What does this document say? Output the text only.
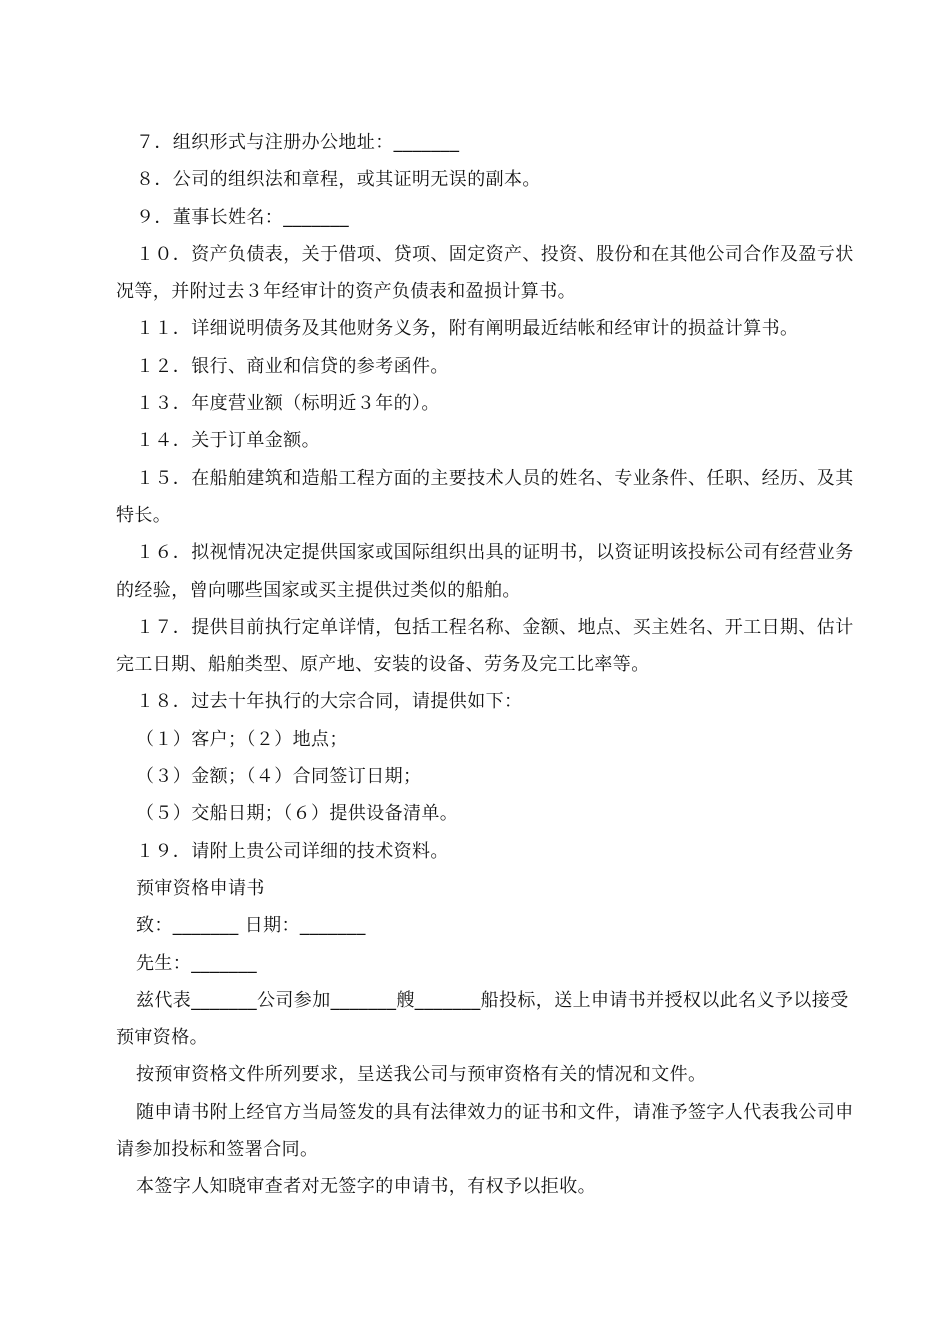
７．组织形式与注册办公地址：_______

８．公司的组织法和章程，或其证明无误的副本。

９．董事长姓名：_______

１０．资产负债表，关于借项、贷项、固定资产、投资、股份和在其他公司合作及盈亏状况等，并附过去３年经审计的资产负债表和盈损计算书。

１１．详细说明债务及其他财务义务，附有阐明最近结帐和经审计的损益计算书。

１２．银行、商业和信贷的参考函件。

１３．年度营业额（标明近３年的）。

１４．关于订单金额。

１５．在船舶建筑和造船工程方面的主要技术人员的姓名、专业条件、任职、经历、及其特长。

１６．拟视情况决定提供国家或国际组织出具的证明书，以资证明该投标公司有经营业务的经验，曾向哪些国家或买主提供过类似的船舶。

１７．提供目前执行定单详情，包括工程名称、金额、地点、买主姓名、开工日期、估计完工日期、船舶类型、原产地、安装的设备、劳务及完工比率等。

１８．过去十年执行的大宗合同，请提供如下：

（１）客户；（２）地点；

（３）金额；（４）合同签订日期；

（５）交船日期；（６）提供设备清单。

１９．请附上贵公司详细的技术资料。

预审资格申请书

致：_______ 日期：_______

先生：_______

兹代表_______公司参加_______艘_______船投标，送上申请书并授权以此名义予以接受预审资格。

按预审资格文件所列要求，呈送我公司与预审资格有关的情况和文件。

随申请书附上经官方当局签发的具有法律效力的证书和文件，请准予签字人代表我公司申请参加投标和签署合同。

本签字人知晓审查者对无签字的申请书，有权予以拒收。
